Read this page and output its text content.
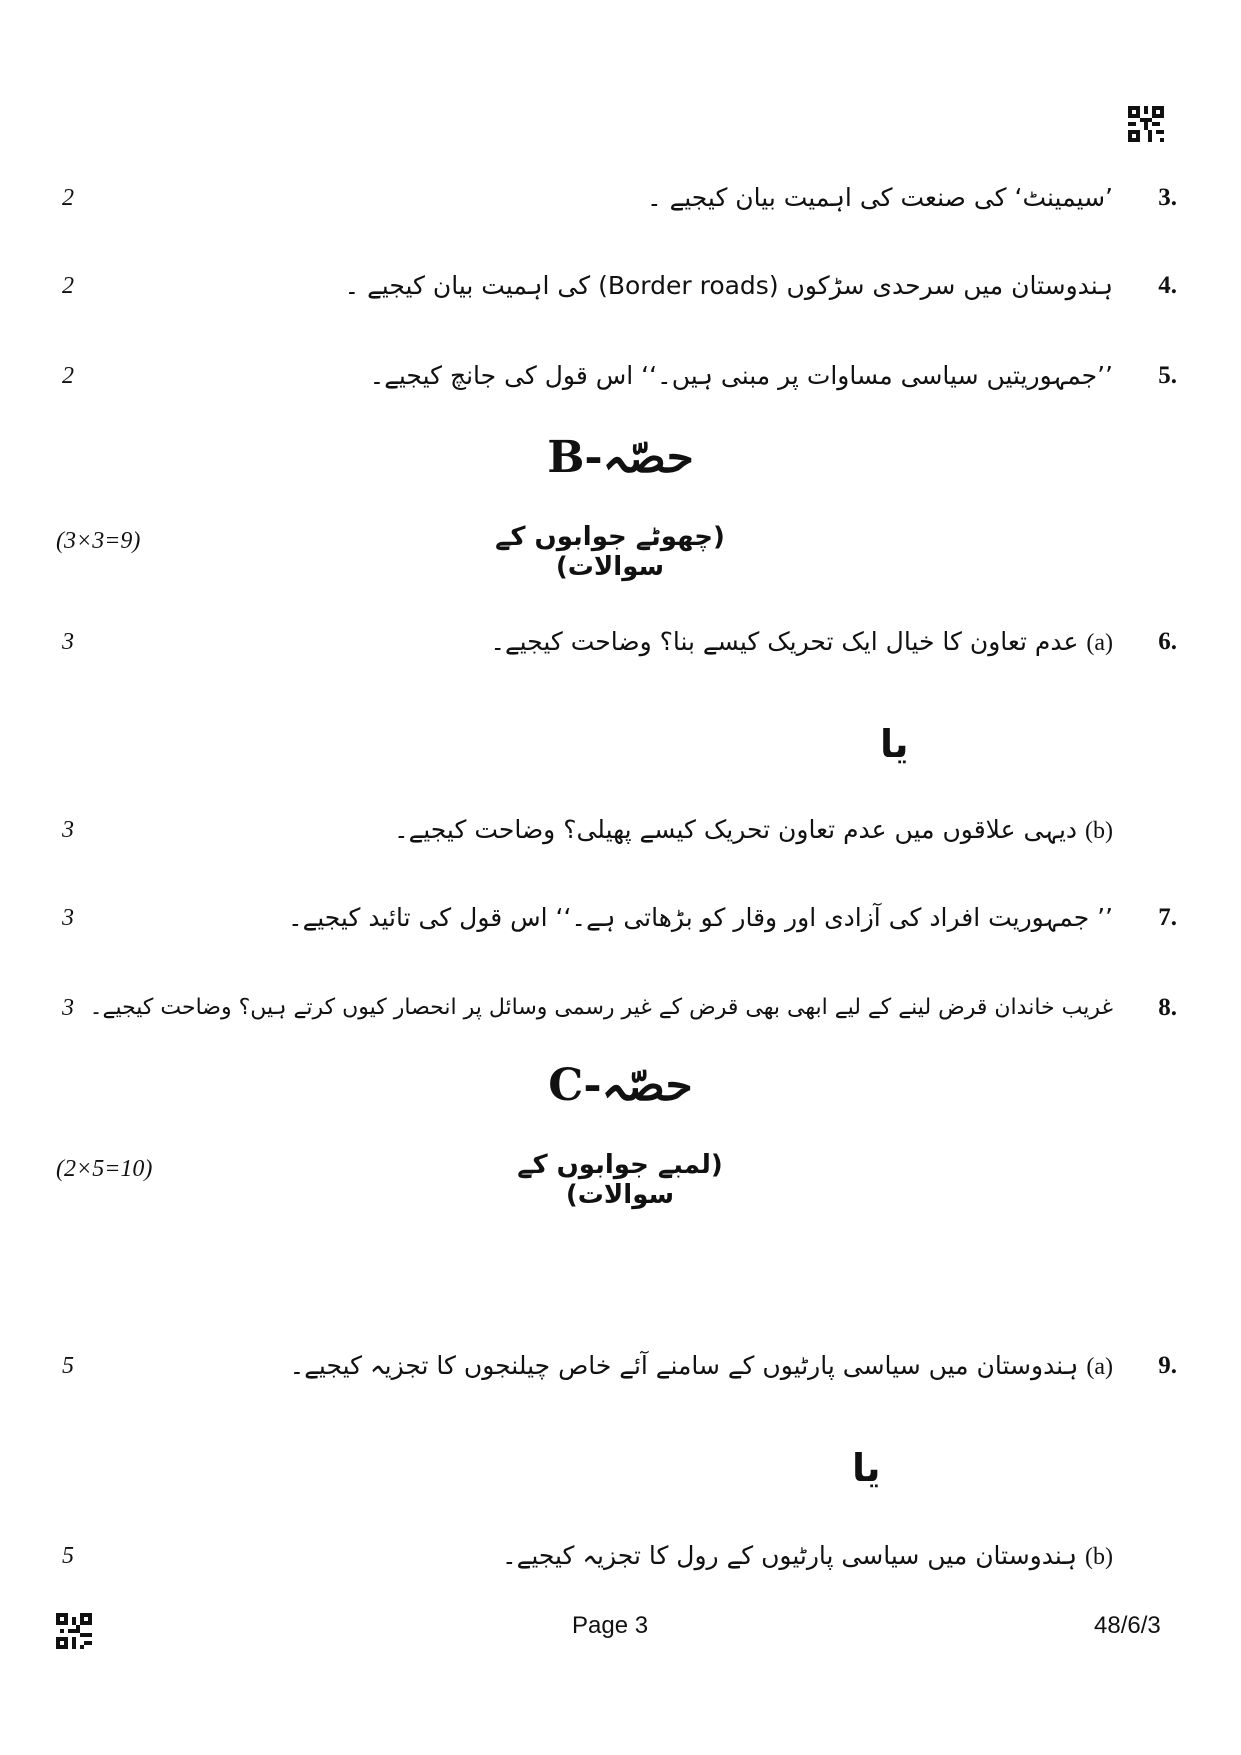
2	’سیمینٹ‘ کی صنعت کی اہمیت بیان کیجیے ۔ 3.
2	ہندوستان میں سرحدی سڑکوں (Border roads) کی اہمیت بیان کیجیے ۔ 4.
2	’’جمہوریتیں سیاسی مساوات پر مبنی ہیں۔‘‘ اس قول کی جانچ کیجیے۔ 5.
حصّہ-B
(3×3=9)	(چھوٹے جوابوں کے سوالات)
3	(a) عدم تعاون کا خیال ایک تحریک کیسے بنا؟ وضاحت کیجیے۔	6.
یا
3	(b) دیہی علاقوں میں عدم تعاون تحریک کیسے پھیلی؟ وضاحت کیجیے۔
3	’’ جمہوریت افراد کی آزادی اور وقار کو بڑھاتی ہے۔‘‘ اس قول کی تائید کیجیے۔ 7.
3 غریب خاندان قرض لینے کے لیے ابھی بھی قرض کے غیر رسمی وسائل پر انحصار کیوں کرتے ہیں؟ وضاحت کیجیے۔ 8.
حصّہ-C
(2×5=10)	(لمبے جوابوں کے سوالات)
5	(a) ہندوستان میں سیاسی پارٹیوں کے سامنے آئے خاص چیلنجوں کا تجزیہ کیجیے۔	9.
یا
5	(b) ہندوستان میں سیاسی پارٹیوں کے رول کا تجزیہ کیجیے۔
Page 3	48/6/3
